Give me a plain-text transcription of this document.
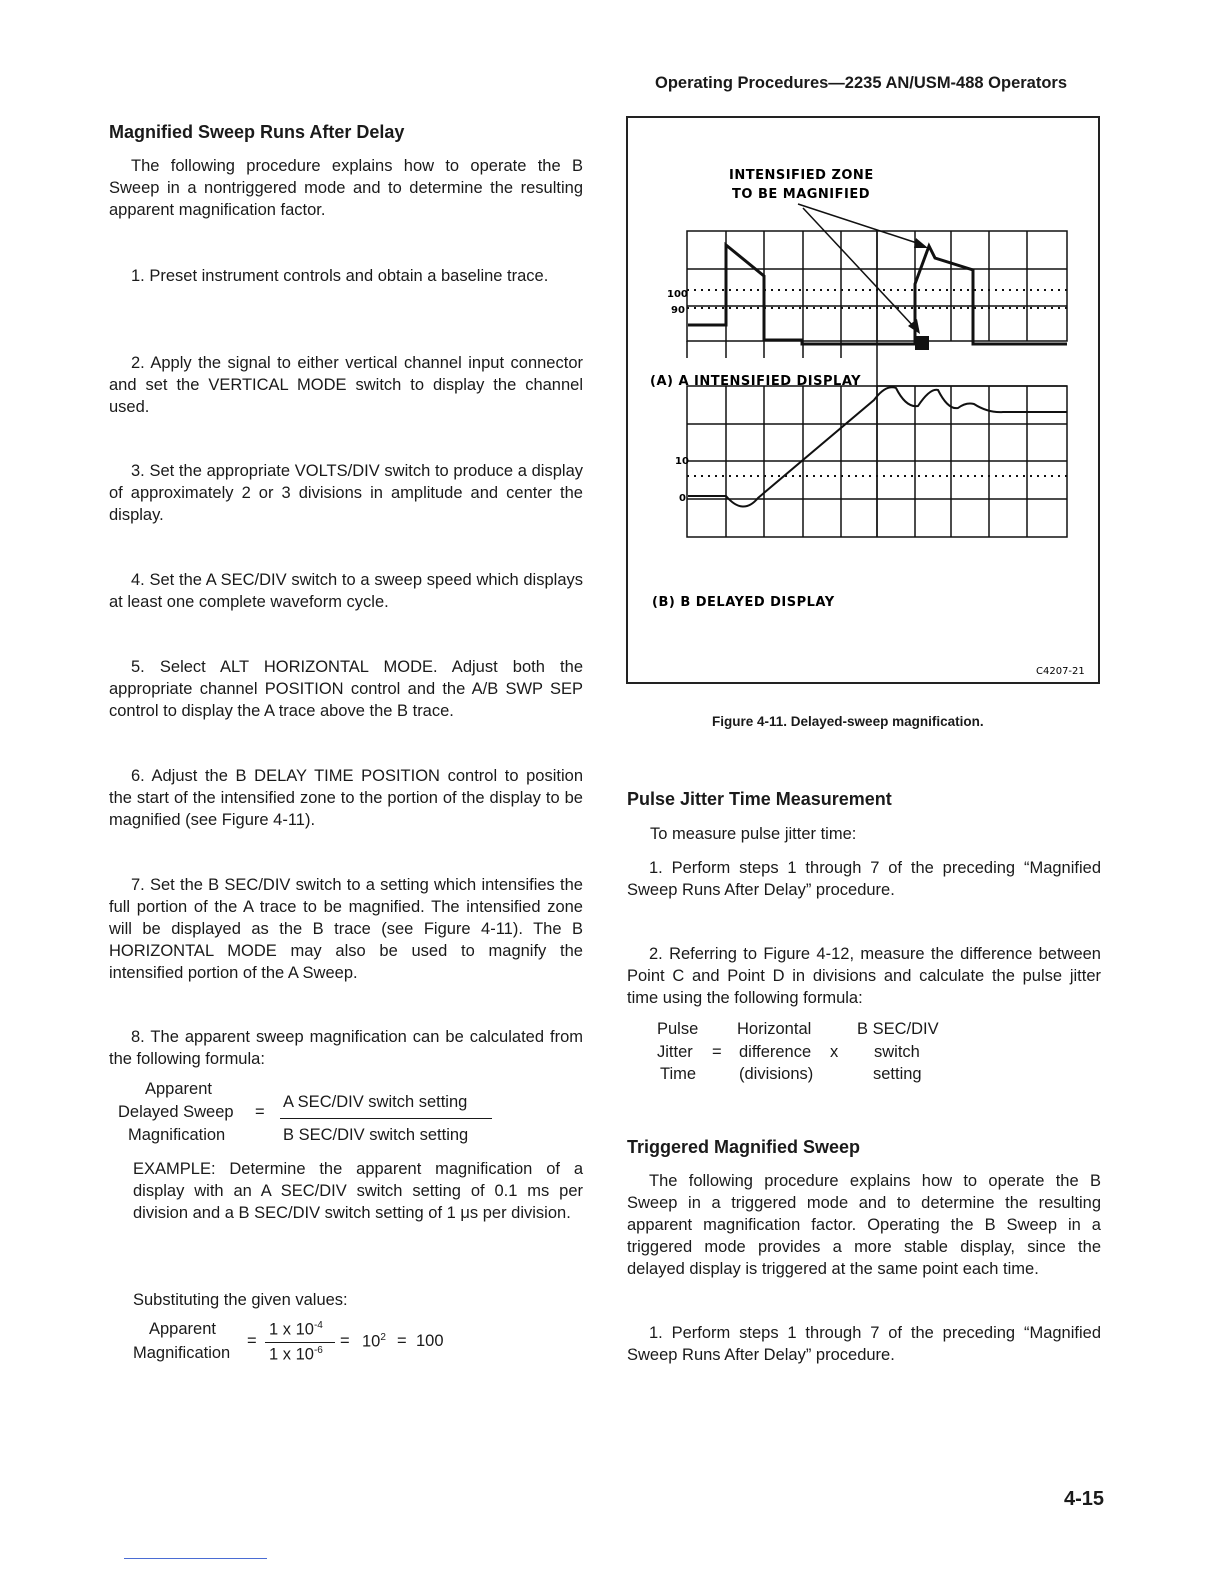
Operating Procedures—2235 AN/USM-488 Operators
Magnified Sweep Runs After Delay
The following procedure explains how to operate the B Sweep in a nontriggered mode and to determine the resulting apparent magnification factor.
1. Preset instrument controls and obtain a baseline trace.
2. Apply the signal to either vertical channel input connector and set the VERTICAL MODE switch to display the channel used.
3. Set the appropriate VOLTS/DIV switch to produce a display of approximately 2 or 3 divisions in amplitude and center the display.
4. Set the A SEC/DIV switch to a sweep speed which displays at least one complete waveform cycle.
5. Select ALT HORIZONTAL MODE. Adjust both the appropriate channel POSITION control and the A/B SWP SEP control to display the A trace above the B trace.
6. Adjust the B DELAY TIME POSITION control to position the start of the intensified zone to the portion of the display to be magnified (see Figure 4-11).
7. Set the B SEC/DIV switch to a setting which intensifies the full portion of the A trace to be magnified. The intensified zone will be displayed as the B trace (see Figure 4-11). The B HORIZONTAL MODE may also be used to magnify the intensified portion of the A Sweep.
8. The apparent sweep magnification can be calculated from the following formula:
Apparent
Delayed Sweep
Magnification
=
A SEC/DIV switch setting
B SEC/DIV switch setting
EXAMPLE: Determine the apparent magnification of a display with an A SEC/DIV switch setting of 0.1 ms per division and a B SEC/DIV switch setting of 1 μs per division.
Substituting the given values:
Apparent
Magnification
=
1 x $10^{-4}$
1 x $10^{-6}$
= $10^2 = 100$
INTENSIFIED ZONE
TO BE MAGNIFIED
(A) A INTENSIFIED DISPLAY
100
90
10
0
(B) B DELAYED DISPLAY
C4207-21
Figure 4-11. Delayed-sweep magnification.
Pulse Jitter Time Measurement
To measure pulse jitter time:
1. Perform steps 1 through 7 of the preceding “Magnified Sweep Runs After Delay” procedure.
2. Referring to Figure 4-12, measure the difference between Point C and Point D in divisions and calculate the pulse jitter time using the following formula:
Pulse
Jitter
Time
=
Horizontal
difference
(divisions)
x
B SEC/DIV
switch
setting
Triggered Magnified Sweep
The following procedure explains how to operate the B Sweep in a triggered mode and to determine the resulting apparent magnification factor. Operating the B Sweep in a triggered mode provides a more stable display, since the delayed display is triggered at the same point each time.
1. Perform steps 1 through 7 of the preceding “Magnified Sweep Runs After Delay” procedure.
4-15
